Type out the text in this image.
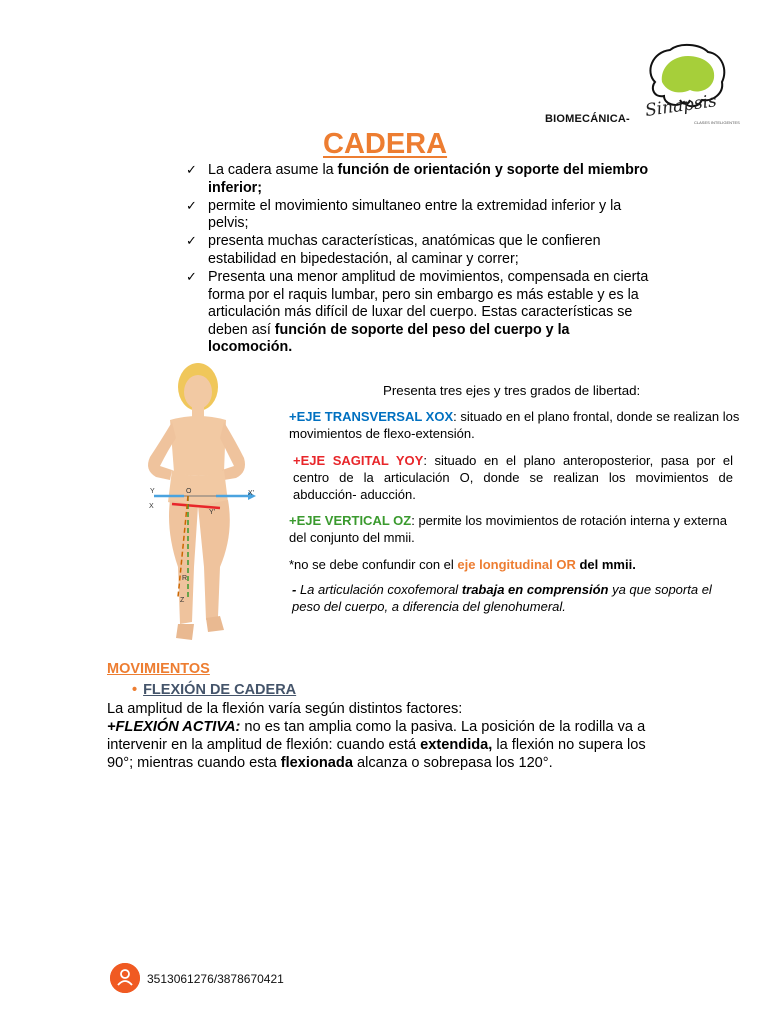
Sinapsis
CLASES INTELIGENTES
BIOMECÁNICA-
CADERA
✓ La cadera asume la función de orientación y soporte del miembro inferior;
✓ permite el movimiento simultaneo entre la extremidad inferior y la pelvis;
✓ presenta muchas características, anatómicas que le confieren estabilidad en bipedestación, al caminar y correr;
✓ Presenta una menor amplitud de movimientos, compensada en cierta forma por el raquis lumbar, pero sin embargo es más estable y es la articulación más difícil de luxar del cuerpo. Estas características se deben así función de soporte del peso del cuerpo y la locomoción.
Y
X
O	X'
Y'
R
Z
Presenta tres ejes y tres grados de libertad:
+EJE TRANSVERSAL XOX: situado en el plano frontal, donde se realizan los movimientos de flexo-extensión.
+EJE SAGITAL YOY: situado en el plano anteroposterior, pasa por el centro de la articulación O, donde se realizan los movimientos de abducción- aducción.
+EJE VERTICAL OZ: permite los movimientos de rotación interna y externa del conjunto del mmii.
*no se debe confundir con el eje longitudinal OR del mmii.
- La articulación coxofemoral trabaja en comprensión ya que soporta el peso del cuerpo, a diferencia del glenohumeral.
MOVIMIENTOS
• FLEXIÓN DE CADERA
La amplitud de la flexión varía según distintos factores:
+FLEXIÓN ACTIVA: no es tan amplia como la pasiva. La posición de la rodilla va a intervenir en la amplitud de flexión: cuando está extendida, la flexión no supera los 90°; mientras cuando esta flexionada alcanza o sobrepasa los 120°.
3513061276/3878670421
